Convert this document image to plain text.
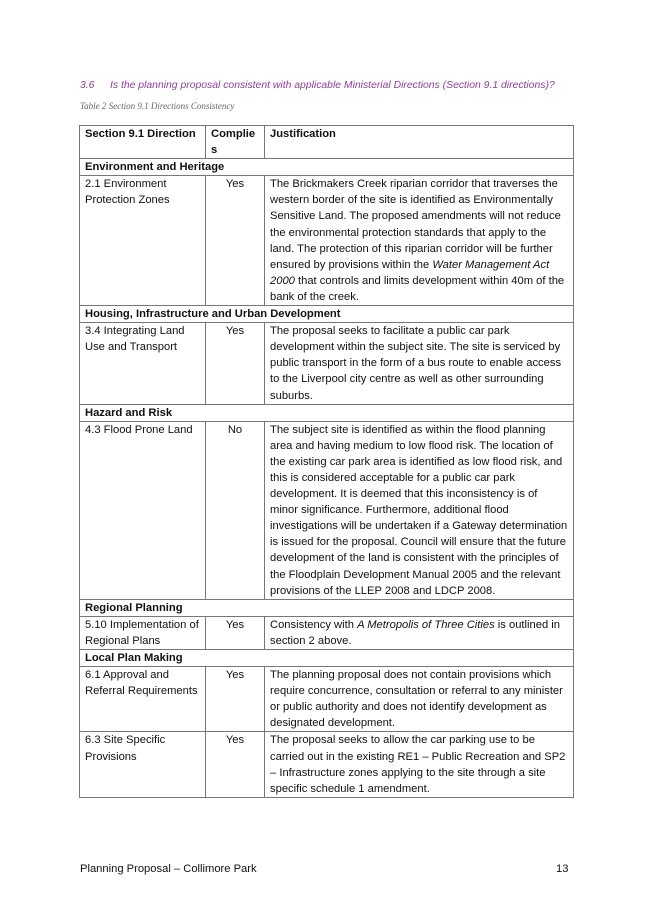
3.6 Is the planning proposal consistent with applicable Ministerial Directions (Section 9.1 directions)?
Table 2 Section 9.1 Directions Consistency
Section 9.1 Direction	Complie s	Justification
Environment and Heritage		
2.1 Environment Protection Zones	Yes	The Brickmakers Creek riparian corridor that traverses the western border of the site is identified as Environmentally Sensitive Land. The proposed amendments will not reduce the environmental protection standards that apply to the land. The protection of this riparian corridor will be further ensured by provisions within the Water Management Act 2000 that controls and limits development within 40m of the bank of the creek.
Housing, Infrastructure and Urban Development		
3.4 Integrating Land Use and Transport	Yes	The proposal seeks to facilitate a public car park development within the subject site. The site is serviced by public transport in the form of a bus route to enable access to the Liverpool city centre as well as other surrounding suburbs.
Hazard and Risk		
4.3 Flood Prone Land	No	The subject site is identified as within the flood planning area and having medium to low flood risk. The location of the existing car park area is identified as low flood risk, and this is considered acceptable for a public car park development. It is deemed that this inconsistency is of minor significance. Furthermore, additional flood investigations will be undertaken if a Gateway determination is issued for the proposal. Council will ensure that the future development of the land is consistent with the principles of the Floodplain Development Manual 2005 and the relevant provisions of the LLEP 2008 and LDCP 2008.
Regional Planning		
5.10 Implementation of Regional Plans	Yes	Consistency with A Metropolis of Three Cities is outlined in section 2 above.
Local Plan Making		
6.1 Approval and Referral Requirements	Yes	The planning proposal does not contain provisions which require concurrence, consultation or referral to any minister or public authority and does not identify development as designated development.
6.3 Site Specific Provisions	Yes	The proposal seeks to allow the car parking use to be carried out in the existing RE1 – Public Recreation and SP2 – Infrastructure zones applying to the site through a site specific schedule 1 amendment.
Planning Proposal – Collimore Park	13
